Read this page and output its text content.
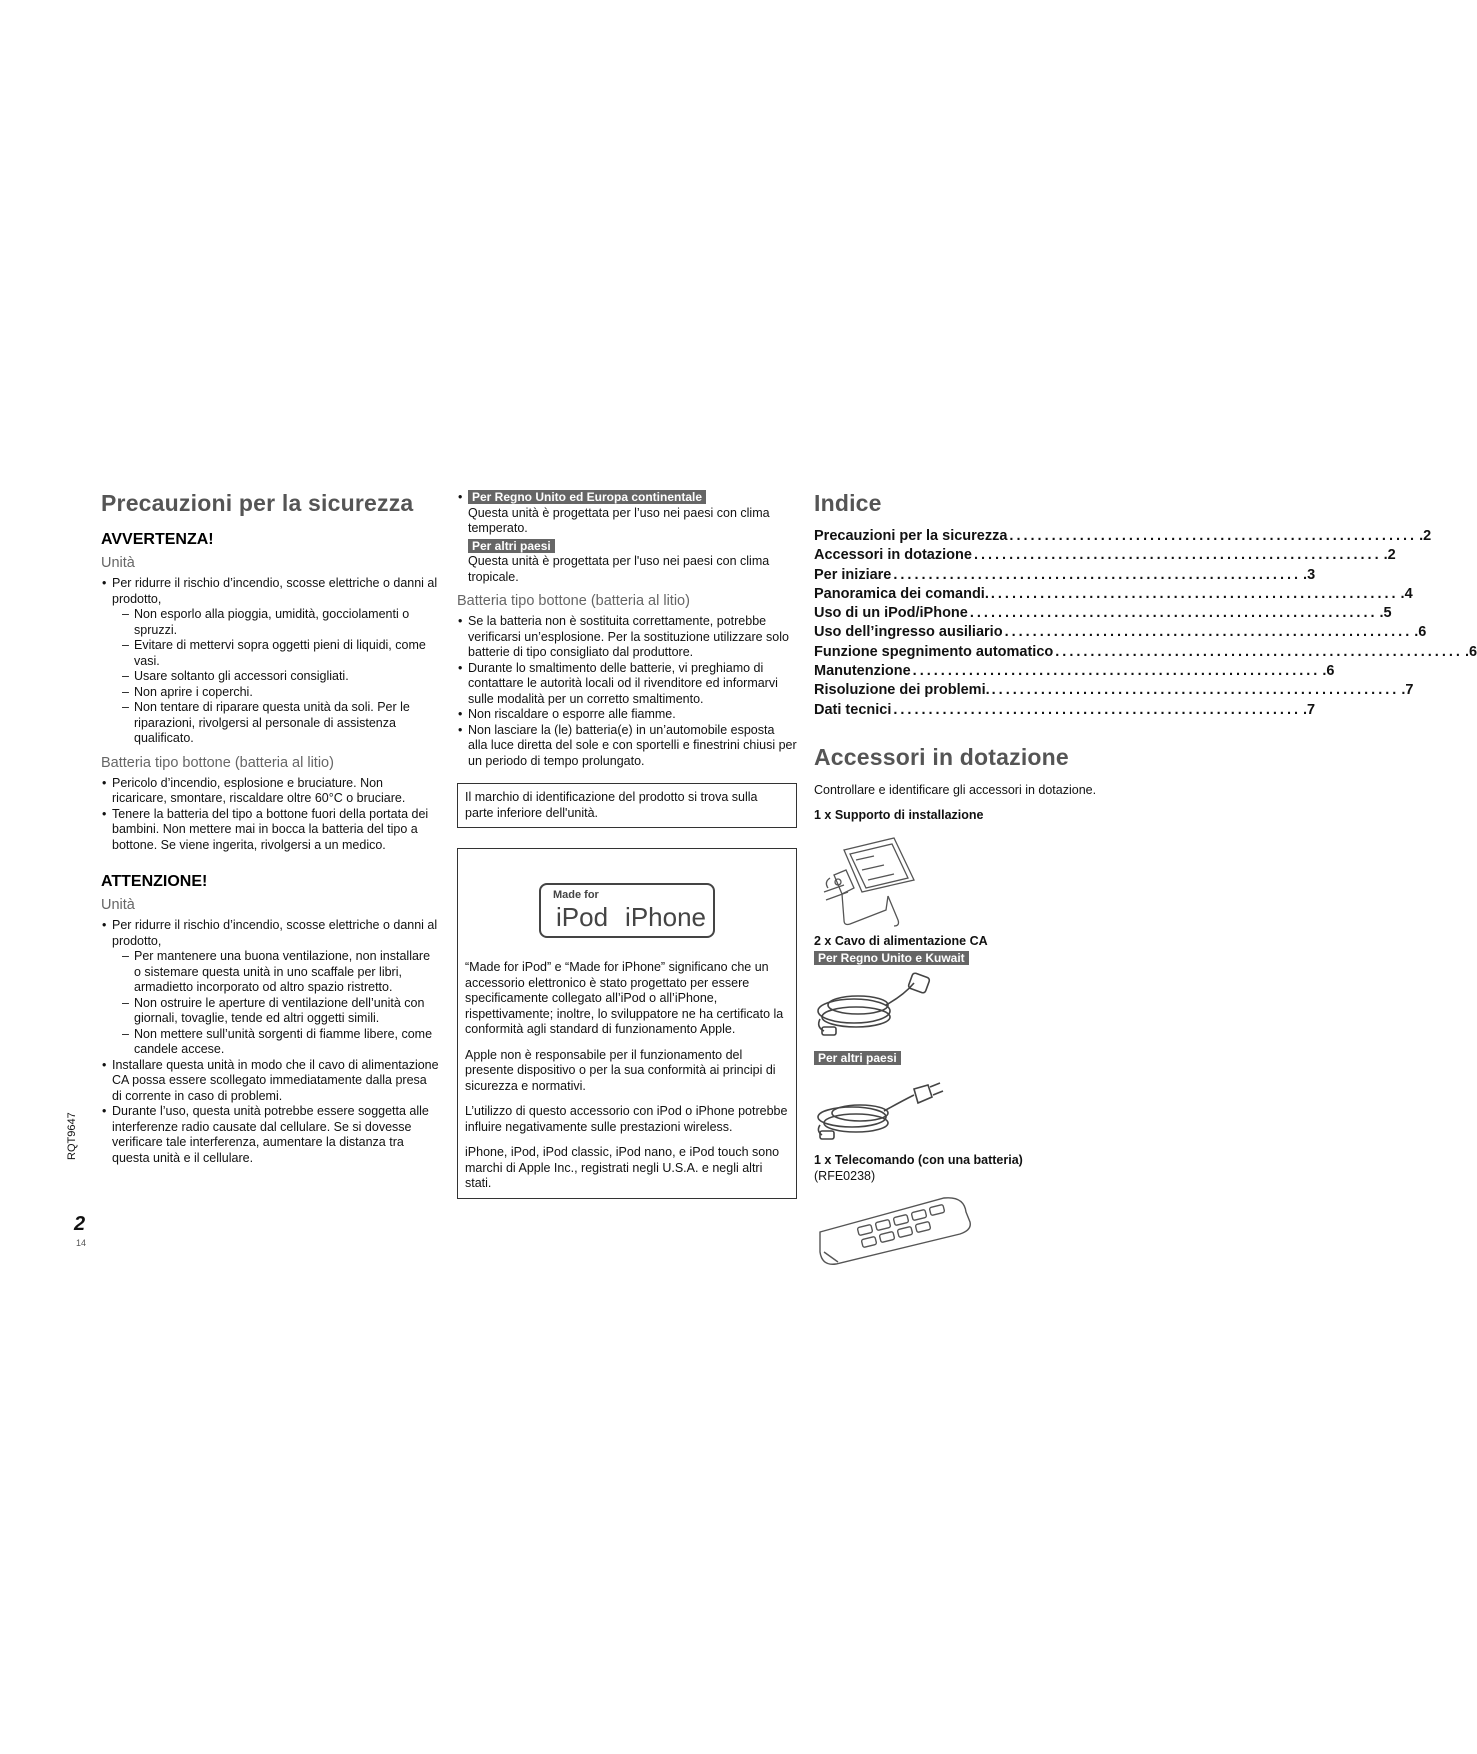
Precauzioni per la sicurezza
AVVERTENZA!
Unità
• Per ridurre il rischio d’incendio, scosse elettriche o danni al prodotto,
– Non esporlo alla pioggia, umidità, gocciolamenti o spruzzi.
– Evitare di mettervi sopra oggetti pieni di liquidi, come vasi.
– Usare soltanto gli accessori consigliati.
– Non aprire i coperchi.
– Non tentare di riparare questa unità da soli. Per le riparazioni, rivolgersi al personale di assistenza qualificato.
Batteria tipo bottone (batteria al litio)
• Pericolo d’incendio, esplosione e bruciature. Non ricaricare, smontare, riscaldare oltre 60°C o bruciare.
• Tenere la batteria del tipo a bottone fuori della portata dei bambini. Non mettere mai in bocca la batteria del tipo a bottone. Se viene ingerita, rivolgersi a un medico.
ATTENZIONE!
Unità
• Per ridurre il rischio d’incendio, scosse elettriche o danni al prodotto,
– Per mantenere una buona ventilazione, non installare o sistemare questa unità in uno scaffale per libri, armadietto incorporato od altro spazio ristretto.
– Non ostruire le aperture di ventilazione dell’unità con giornali, tovaglie, tende ed altri oggetti simili.
– Non mettere sull’unità sorgenti di fiamme libere, come candele accese.
• Installare questa unità in modo che il cavo di alimentazione CA possa essere scollegato immediatamente dalla presa di corrente in caso di problemi.
• Durante l’uso, questa unità potrebbe essere soggetta alle interferenze radio causate dal cellulare. Se si dovesse verificare tale interferenza, aumentare la distanza tra questa unità e il cellulare.
• Per Regno Unito ed Europa continentale
Questa unità è progettata per l’uso nei paesi con clima temperato.
Per altri paesi
Questa unità è progettata per l'uso nei paesi con clima tropicale.
Batteria tipo bottone (batteria al litio)
• Se la batteria non è sostituita correttamente, potrebbe verificarsi un’esplosione. Per la sostituzione utilizzare solo batterie di tipo consigliato dal produttore.
• Durante lo smaltimento delle batterie, vi preghiamo di contattare le autorità locali od il rivenditore ed informarvi sulle modalità per un corretto smaltimento.
• Non riscaldare o esporre alle fiamme.
• Non lasciare la (le) batteria(e) in un’automobile esposta alla luce diretta del sole e con sportelli e finestrini chiusi per un periodo di tempo prolungato.
Il marchio di identificazione del prodotto si trova sulla parte inferiore dell'unità.
Made for
iPod iPhone

“Made for iPod” e “Made for iPhone” significano che un accessorio elettronico è stato progettato per essere specificamente collegato all’iPod o all’iPhone, rispettivamente; inoltre, lo sviluppatore ne ha certificato la conformità agli standard di funzionamento Apple.

Apple non è responsabile per il funzionamento del presente dispositivo o per la sua conformità ai principi di sicurezza e normativi.

L’utilizzo di questo accessorio con iPod o iPhone potrebbe influire negativamente sulle prestazioni wireless.

iPhone, iPod, iPod classic, iPod nano, e iPod touch sono marchi di Apple Inc., registrati negli U.S.A. e negli altri stati.

Indice
Precauzioni per la sicurezza .......................................................... .2
Accessori in dotazione .......................................................... .2
Per iniziare .......................................................... .3
Panoramica dei comandi. .......................................................... .4
Uso di un iPod/iPhone .......................................................... .5
Uso dell’ingresso ausiliario .......................................................... .6
Funzione spegnimento automatico .......................................................... .6
Manutenzione .......................................................... .6
Risoluzione dei problemi. .......................................................... .7
Dati tecnici .......................................................... .7
Accessori in dotazione
Controllare e identificare gli accessori in dotazione.
1 x Supporto di installazione
2 x Cavo di alimentazione CA
Per Regno Unito e Kuwait
Per altri paesi
1 x Telecomando (con una batteria)
(RFE0238)
RQT9647
2
14
